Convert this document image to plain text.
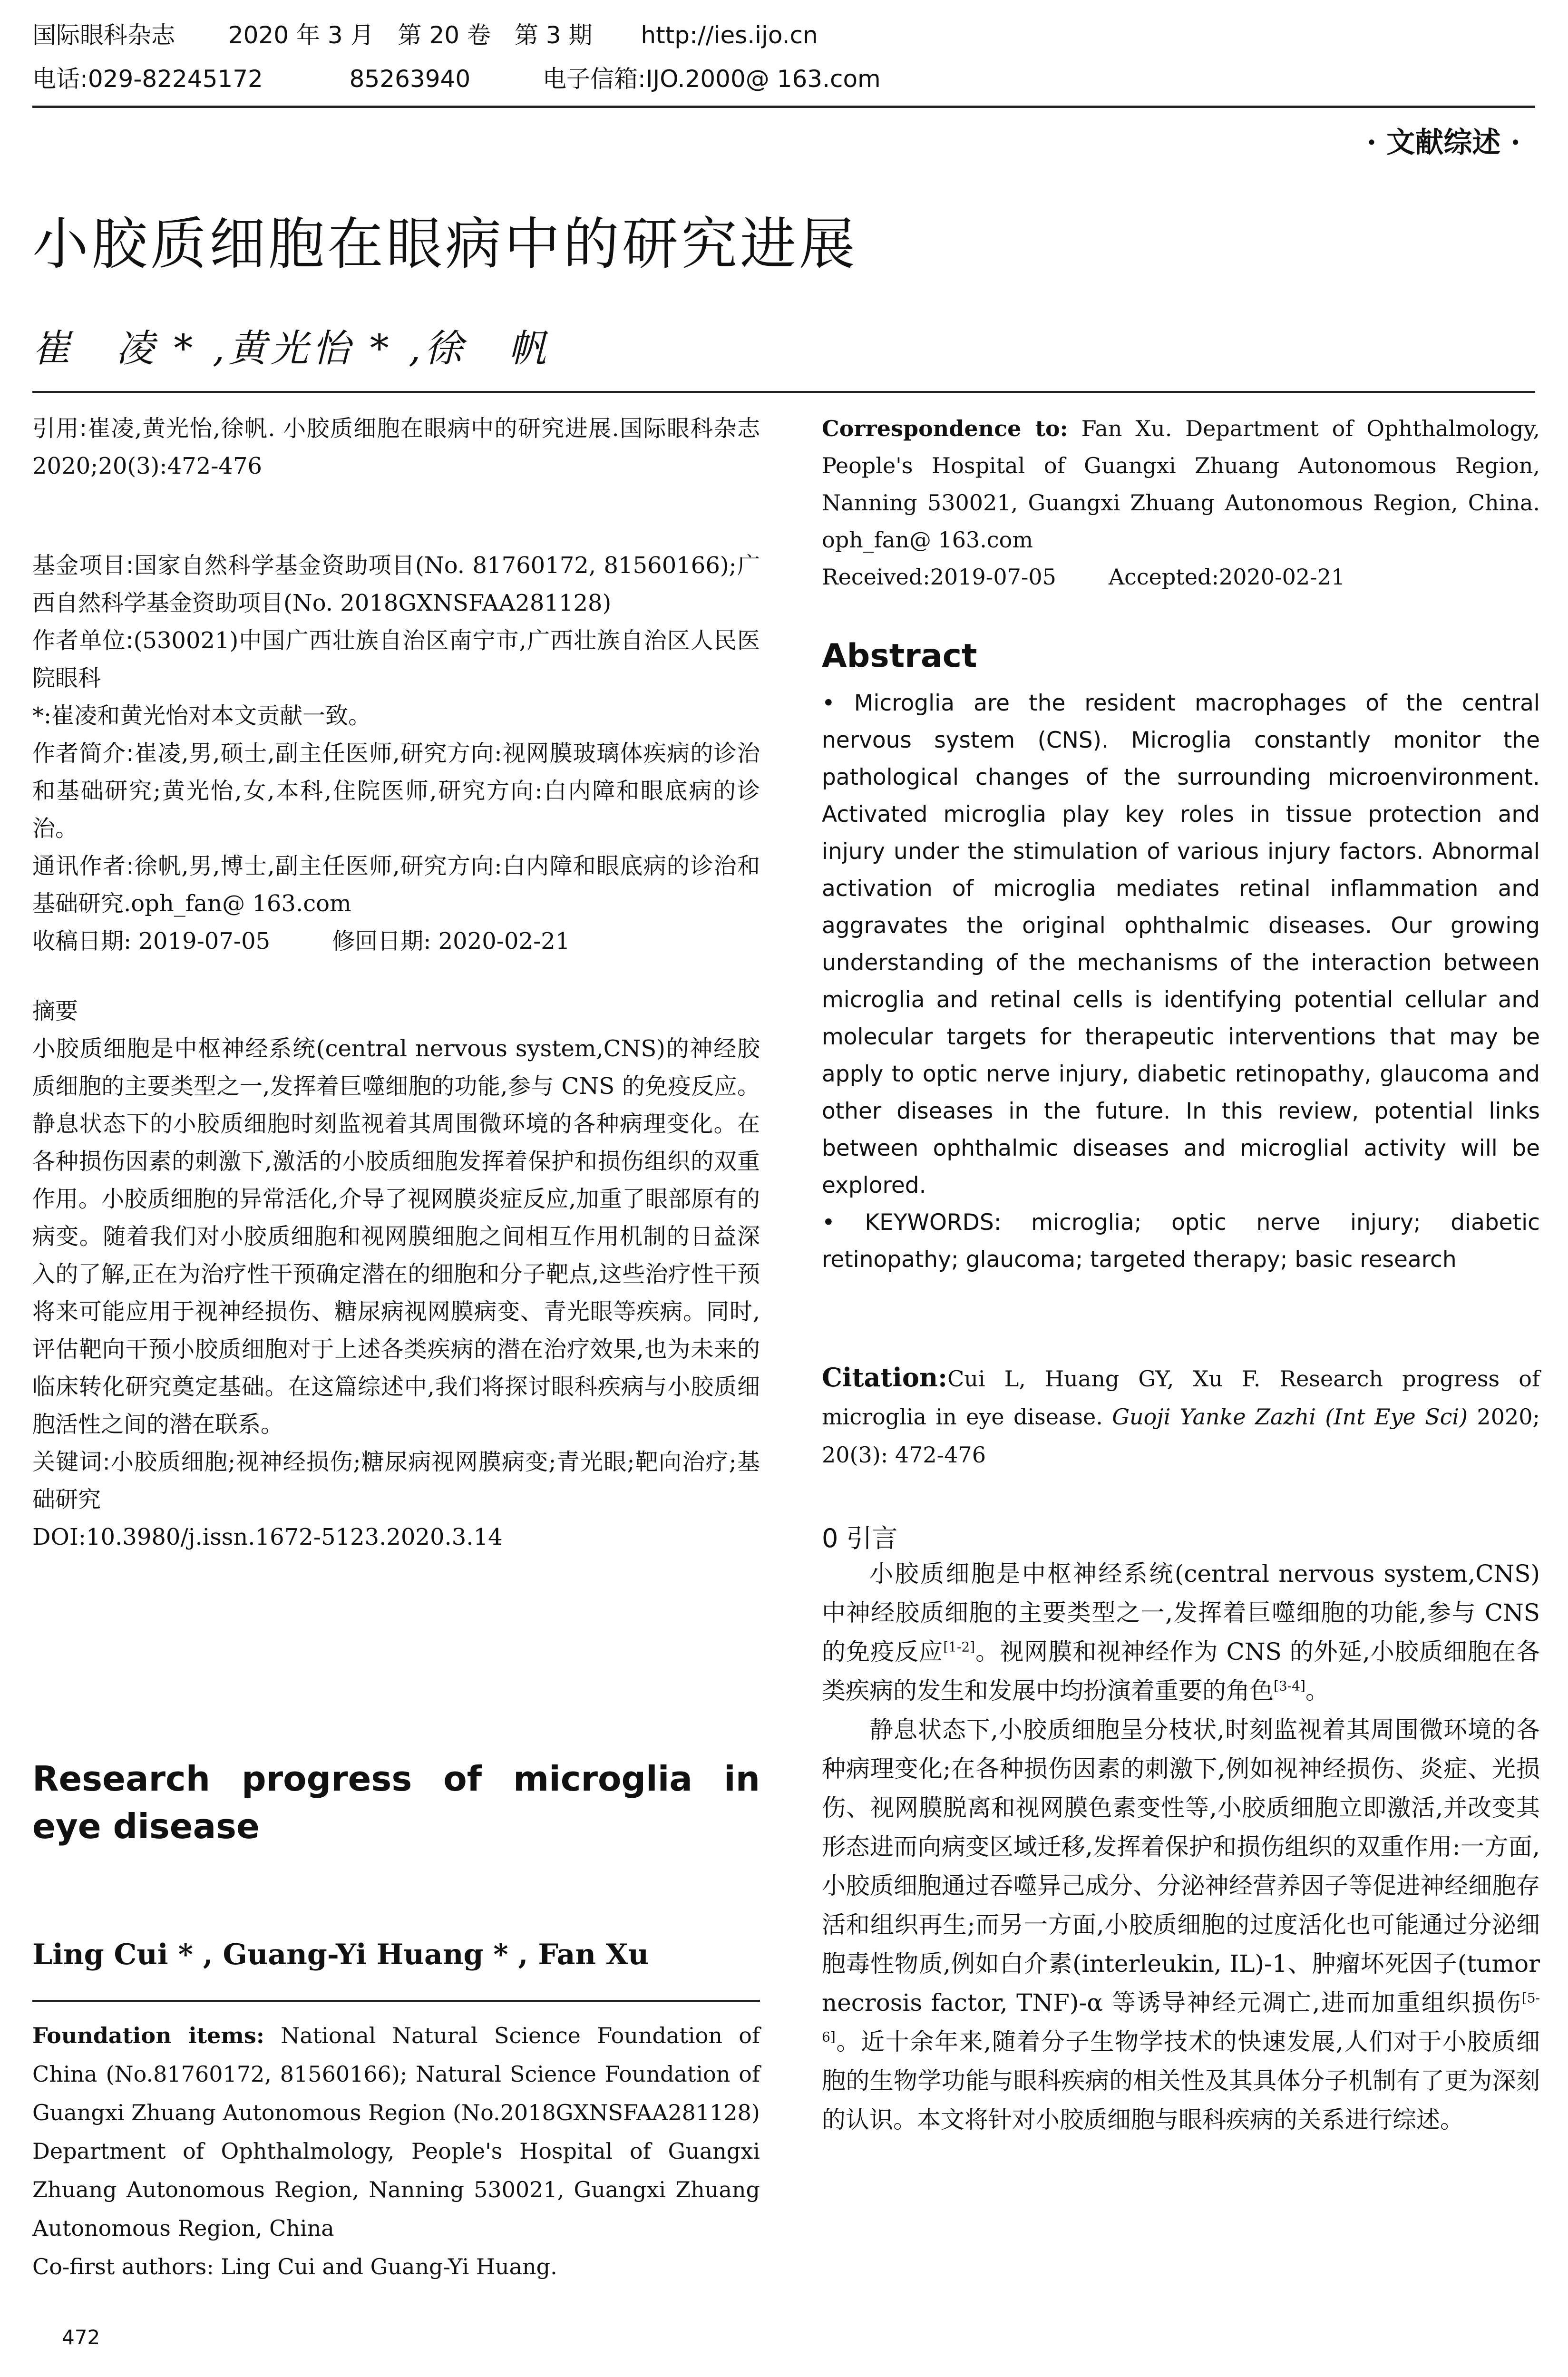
国际眼科杂志 2020 年 3 月　第 20 卷　第 3 期 http://ies.ijo.cn
电话:029-82245172	85263940	电子信箱:IJO.2000@ 163.com
· 文献综述 ·
小胶质细胞在眼病中的研究进展
崔　凌 * ,黄光怡 * ,徐　帆

引用:崔凌,黄光怡,徐帆. 小胶质细胞在眼病中的研究进展.国际眼科杂志 2020;20(3):472-476

基金项目:国家自然科学基金资助项目(No. 81760172, 81560166);广西自然科学基金资助项目(No. 2018GXNSFAA281128)

作者单位:(530021)中国广西壮族自治区南宁市,广西壮族自治区人民医院眼科

*:崔凌和黄光怡对本文贡献一致。

作者简介:崔凌,男,硕士,副主任医师,研究方向:视网膜玻璃体疾病的诊治和基础研究;黄光怡,女,本科,住院医师,研究方向:白内障和眼底病的诊治。

通讯作者:徐帆,男,博士,副主任医师,研究方向:白内障和眼底病的诊治和基础研究.oph_fan@ 163.com

收稿日期: 2019-07-05	修回日期: 2020-02-21

摘要

小胶质细胞是中枢神经系统(central nervous system,CNS)的神经胶质细胞的主要类型之一,发挥着巨噬细胞的功能,参与 CNS 的免疫反应。静息状态下的小胶质细胞时刻监视着其周围微环境的各种病理变化。在各种损伤因素的刺激下,激活的小胶质细胞发挥着保护和损伤组织的双重作用。小胶质细胞的异常活化,介导了视网膜炎症反应,加重了眼部原有的病变。随着我们对小胶质细胞和视网膜细胞之间相互作用机制的日益深入的了解,正在为治疗性干预确定潜在的细胞和分子靶点,这些治疗性干预将来可能应用于视神经损伤、糖尿病视网膜病变、青光眼等疾病。同时,评估靶向干预小胶质细胞对于上述各类疾病的潜在治疗效果,也为未来的临床转化研究奠定基础。在这篇综述中,我们将探讨眼科疾病与小胶质细胞活性之间的潜在联系。

关键词:小胶质细胞;视神经损伤;糖尿病视网膜病变;青光眼;靶向治疗;基础研究

DOI:10.3980/j.issn.1672-5123.2020.3.14

Research progress of microglia in eye disease
Ling Cui * , Guang-Yi Huang * , Fan Xu

Foundation items: National Natural Science Foundation of China (No.81760172, 81560166); Natural Science Foundation of Guangxi Zhuang Autonomous Region (No.2018GXNSFAA281128)

Department of Ophthalmology, People's Hospital of Guangxi Zhuang Autonomous Region, Nanning 530021, Guangxi Zhuang Autonomous Region, China

Co-first authors: Ling Cui and Guang-Yi Huang.

472

Correspondence to: Fan Xu. Department of Ophthalmology, People's Hospital of Guangxi Zhuang Autonomous Region, Nanning 530021, Guangxi Zhuang Autonomous Region, China. oph_fan@ 163.com

Received:2019-07-05 Accepted:2020-02-21

Abstract

• Microglia are the resident macrophages of the central nervous system (CNS). Microglia constantly monitor the pathological changes of the surrounding microenvironment. Activated microglia play key roles in tissue protection and injury under the stimulation of various injury factors. Abnormal activation of microglia mediates retinal inflammation and aggravates the original ophthalmic diseases. Our growing understanding of the mechanisms of the interaction between microglia and retinal cells is identifying potential cellular and molecular targets for therapeutic interventions that may be apply to optic nerve injury, diabetic retinopathy, glaucoma and other diseases in the future. In this review, potential links between ophthalmic diseases and microglial activity will be explored.

• KEYWORDS: microglia; optic nerve injury; diabetic retinopathy; glaucoma; targeted therapy; basic research

Citation:Cui L, Huang GY, Xu F. Research progress of microglia in eye disease. Guoji Yanke Zazhi (Int Eye Sci) 2020; 20(3): 472-476

0 引言

小胶质细胞是中枢神经系统(central nervous system,CNS)中神经胶质细胞的主要类型之一,发挥着巨噬细胞的功能,参与 CNS 的免疫反应[1-2]。视网膜和视神经作为 CNS 的外延,小胶质细胞在各类疾病的发生和发展中均扮演着重要的角色[3-4]。

静息状态下,小胶质细胞呈分枝状,时刻监视着其周围微环境的各种病理变化;在各种损伤因素的刺激下,例如视神经损伤、炎症、光损伤、视网膜脱离和视网膜色素变性等,小胶质细胞立即激活,并改变其形态进而向病变区域迁移,发挥着保护和损伤组织的双重作用:一方面,小胶质细胞通过吞噬异己成分、分泌神经营养因子等促进神经细胞存活和组织再生;而另一方面,小胶质细胞的过度活化也可能通过分泌细胞毒性物质,例如白介素(interleukin, IL)-1、肿瘤坏死因子(tumor necrosis factor, TNF)-α 等诱导神经元凋亡,进而加重组织损伤[5-6]。近十余年来,随着分子生物学技术的快速发展,人们对于小胶质细胞的生物学功能与眼科疾病的相关性及其具体分子机制有了更为深刻的认识。本文将针对小胶质细胞与眼科疾病的关系进行综述。
